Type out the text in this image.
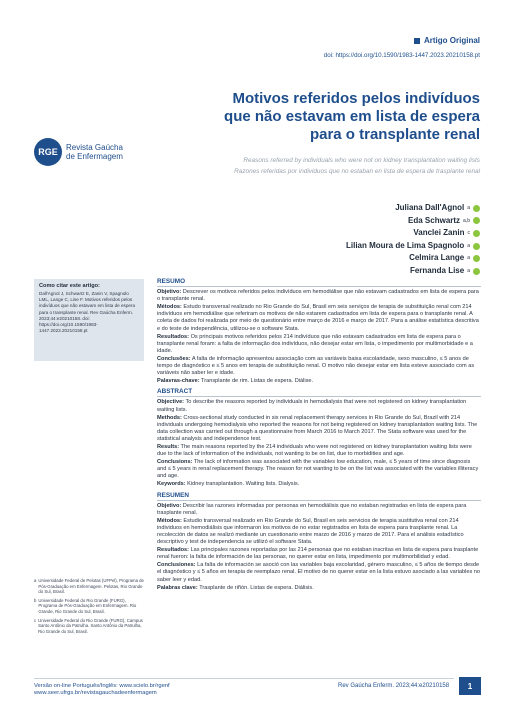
Artigo Original
doi: https://doi.org/10.1590/1983-1447.2023.20210158.pt
Motivos referidos pelos indivíduos
que não estavam em lista de espera
para o transplante renal
RGE	Revista Gaúcha
de Enfermagem	Reasons referred by individuals who were not on kidney transplantation waiting lists
Razones referidas por individuos que no estaban en lista de espera de trasplante renal
Juliana Dall'Agnol a
Eda Schwartz a,b
Vanclei Zanin c
Lilian Moura de Lima Spagnolo a
Celmira Lange a
Fernanda Lise a
Como citar este artigo:
Dall'Agnol J, Schwartz E, Zanin V, Spagnolo LML, Lange C, Lise F. Motivos referidos pelos indivíduos que não estavam em lista de espera para o transplante renal. Rev Gaúcha Enferm. 2023;44:e20210158. doi: https://doi.org/10.1590/1983-1447.2023.20210158.pt
a Universidade Federal de Pelotas (UFPel), Programa de Pós-Graduação em Enfermagem. Pelotas, Rio Grande do Sul, Brasil.
b Universidade Federal do Rio Grande (FURG), Programa de Pós-Graduação em Enfermagem. Rio Grande, Rio Grande do Sul, Brasil.
c Universidade Federal do Rio Grande (FURG), Campus Santo Antônio da Patrulha. Santo Antônio da Patrulha, Rio Grande do Sul, Brasil.
RESUMO
Objetivo: Descrever os motivos referidos pelos indivíduos em hemodiálise que não estavam cadastrados em lista de espera para o transplante renal.
Métodos: Estudo transversal realizado no Rio Grande do Sul, Brasil em seis serviços de terapia de substituição renal com 214 indivíduos em hemodiálise que referiram os motivos de não estarem cadastrados em lista de espera para o transplante renal. A coleta de dados foi realizada por meio de questionário entre março de 2016 e março de 2017. Para a análise estatística descritiva e do teste de independência, utilizou-se o software Stata.
Resultados: Os principais motivos referidos pelos 214 indivíduos que não estavam cadastrados em lista de espera para o transplante renal foram: a falta de informação dos indivíduos, não desejar estar em lista, o impedimento por multimorbidade e a idade.
Conclusões: A falta de informação apresentou associação com as variáveis baixa escolaridade, sexo masculino, ≤ 5 anos de tempo de diagnóstico e ≤ 5 anos em terapia de substituição renal. O motivo não desejar estar em lista esteve associado com as variáveis não saber ler e idade.
Palavras-chave: Transplante de rim. Listas de espera. Diálise.
ABSTRACT
Objective: To describe the reasons reported by individuals in hemodialysis that were not registered on kidney transplantation waiting lists.
Methods: Cross-sectional study conducted in six renal replacement therapy services in Rio Grande do Sul, Brazil with 214 individuals undergoing hemodialysis who reported the reasons for not being registered on kidney transplantation waiting lists. The data collection was carried out through a questionnaire from March 2016 to March 2017. The Stata software was used for the statistical analysis and independence test.
Results: The main reasons reported by the 214 individuals who were not registered on kidney transplantation waiting lists were due to the lack of information of the individuals, not wanting to be on list, due to morbidities and age.
Conclusions: The lack of information was associated with the variables low education, male, ≤ 5 years of time since diagnosis and ≤ 5 years in renal replacement therapy. The reason for not wanting to be on the list was associated with the variables illiteracy and age.
Keywords: Kidney transplantation. Waiting lists. Dialysis.
RESUMEN
Objetivo: Describir las razones informadas por personas en hemodiálisis que no estaban registradas en lista de espera para trasplante renal.
Métodos: Estudio transversal realizado en Rio Grande do Sul, Brasil en seis servicios de terapia sustitutiva renal con 214 individuos en hemodiálisis que informaron los motivos de no estar registrados en lista de espera para trasplante renal. La recolección de datos se realizó mediante un cuestionario entre marzo de 2016 y marzo de 2017. Para el análisis estadístico descriptivo y test de independencia se utilizó el software Stata.
Resultados: Las principales razones reportadas por las 214 personas que no estaban inscritas en lista de espera para trasplante renal fueron: la falta de información de las personas, no querer estar en lista, impedimento por multimorbilidad y edad.
Conclusiones: La falta de información se asoció con las variables baja escolaridad, género masculino, ≤ 5 años de tiempo desde el diagnóstico y ≤ 5 años en terapia de reemplazo renal. El motivo de no querer estar en la lista estuvo asociado a las variables no saber leer y edad.
Palabras clave: Trasplante de riñón. Listas de espera. Diálisis.
Versão on-line Português/Inglês: www.scielo.br/rgenf
www.seer.ufrgs.br/revistagauchadeenfermagem
Rev Gaúcha Enferm. 2023;44:e20210158	1
